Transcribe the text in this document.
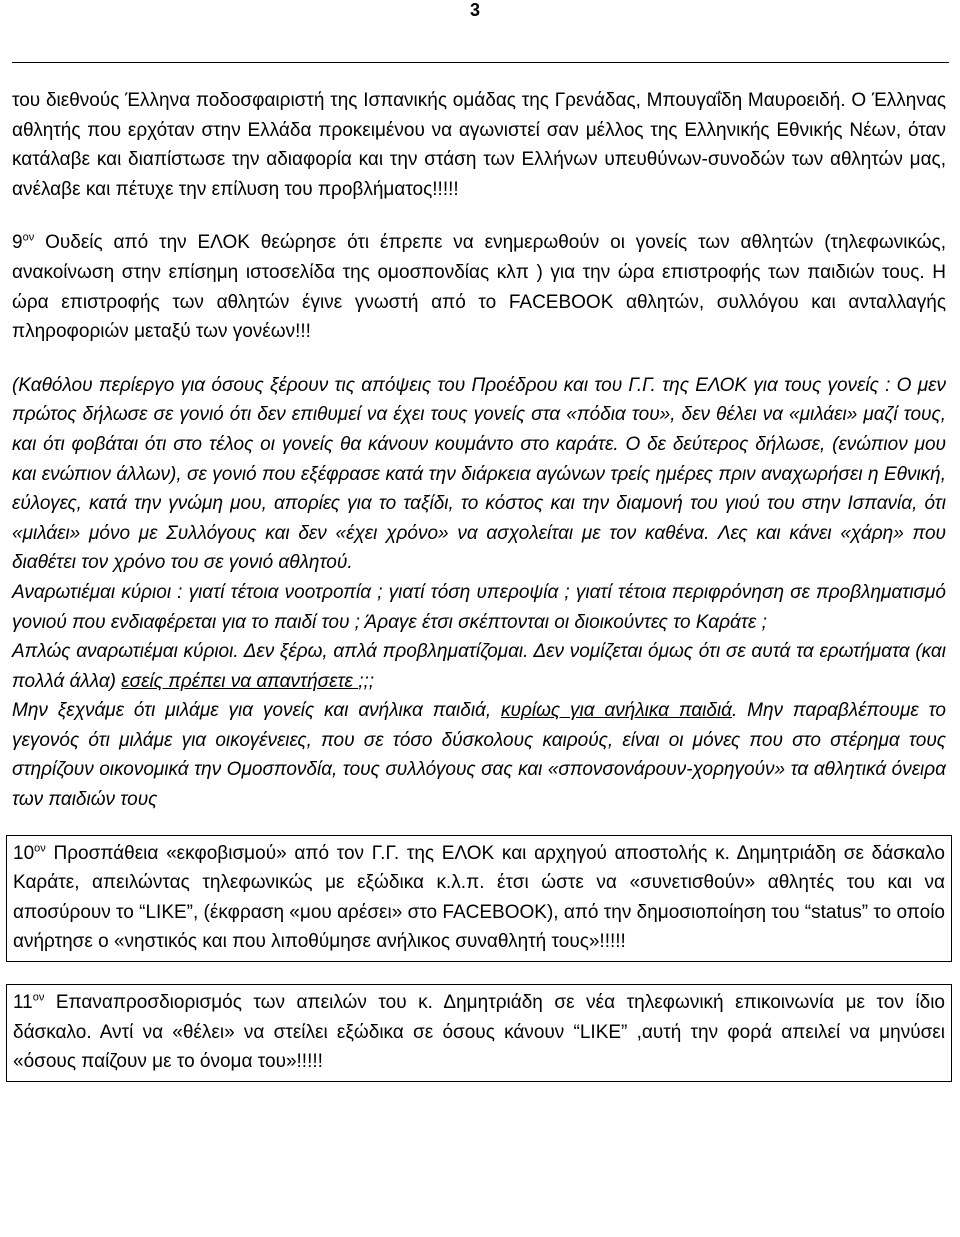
3

του διεθνούς Έλληνα ποδοσφαιριστή της Ισπανικής ομάδας της Γρενάδας, Μπουγαΐδη Μαυροειδή. Ο Έλληνας αθλητής που ερχόταν στην Ελλάδα προκειμένου να αγωνιστεί σαν μέλλος της Ελληνικής Εθνικής Νέων, όταν κατάλαβε και διαπίστωσε την αδιαφορία και την στάση των Ελλήνων υπευθύνων-συνοδών των αθλητών μας, ανέλαβε και πέτυχε την επίλυση του προβλήματος!!!!!

$9^{o\nu}$ Ουδείς από την ΕΛΟΚ θεώρησε ότι έπρεπε να ενημερωθούν οι γονείς των αθλητών (τηλεφωνικώς, ανακοίνωση στην επίσημη ιστοσελίδα της ομοσπονδίας κλπ ) για την ώρα επιστροφής των παιδιών τους. Η ώρα επιστροφής των αθλητών έγινε γνωστή από το FACEBOOK αθλητών, συλλόγου και ανταλλαγής πληροφοριών μεταξύ των γονέων!!!

(Καθόλου περίεργο για όσους ξέρουν τις απόψεις του Προέδρου και του Γ.Γ. της ΕΛΟΚ για τους γονείς : Ο μεν πρώτος δήλωσε σε γονιό ότι δεν επιθυμεί να έχει τους γονείς στα «πόδια του», δεν θέλει να «μιλάει» μαζί τους, και ότι φοβάται ότι στο τέλος οι γονείς θα κάνουν κουμάντο στο καράτε. Ο δε δεύτερος δήλωσε, (ενώπιον μου και ενώπιον άλλων), σε γονιό που εξέφρασε κατά την διάρκεια αγώνων τρείς ημέρες πριν αναχωρήσει η Εθνική, εύλογες, κατά την γνώμη μου, απορίες για το ταξίδι, το κόστος και την διαμονή του γιού του στην Ισπανία, ότι «μιλάει» μόνο με Συλλόγους και δεν «έχει χρόνο» να ασχολείται με τον καθένα. Λες και κάνει «χάρη» που διαθέτει τον χρόνο του σε γονιό αθλητού.

Αναρωτιέμαι κύριοι : γιατί τέτοια νοοτροπία ; γιατί τόση υπεροψία ; γιατί τέτοια περιφρόνηση σε προβληματισμό γονιού που ενδιαφέρεται για το παιδί του ; Άραγε έτσι σκέπτονται οι διοικούντες το Καράτε ;

Απλώς αναρωτιέμαι κύριοι. Δεν ξέρω, απλά προβληματίζομαι. Δεν νομίζεται όμως ότι σε αυτά τα ερωτήματα (και πολλά άλλα) εσείς πρέπει να απαντήσετε ;;;

Μην ξεχνάμε ότι μιλάμε για γονείς και ανήλικα παιδιά, κυρίως για ανήλικα παιδιά. Μην παραβλέπουμε το γεγονός ότι μιλάμε για οικογένειες, που σε τόσο δύσκολους καιρούς, είναι οι μόνες που στο στέρημα τους στηρίζουν οικονομικά την Ομοσπονδία, τους συλλόγους σας και «σπονσονάρουν-χορηγούν» τα αθλητικά όνειρα των παιδιών τους

$10^{o\nu}$ Προσπάθεια «εκφοβισμού» από τον Γ.Γ. της ΕΛΟΚ και αρχηγού αποστολής κ. Δημητριάδη σε δάσκαλο Καράτε, απειλώντας τηλεφωνικώς με εξώδικα κ.λ.π. έτσι ώστε να «συνετισθούν» αθλητές του και να αποσύρουν το “LIKE”, (έκφραση «μου αρέσει» στο FACEBOOK), από την δημοσιοποίηση του “status” το οποίο ανήρτησε ο «νηστικός και που λιποθύμησε ανήλικος συναθλητή τους»!!!!!

$11^{o\nu}$ Επαναπροσδιορισμός των απειλών του κ. Δημητριάδη σε νέα τηλεφωνική επικοινωνία με τον ίδιο δάσκαλο. Αντί να «θέλει» να στείλει εξώδικα σε όσους κάνουν “LIKE” ,αυτή την φορά απειλεί να μηνύσει «όσους παίζουν με το όνομα του»!!!!!
